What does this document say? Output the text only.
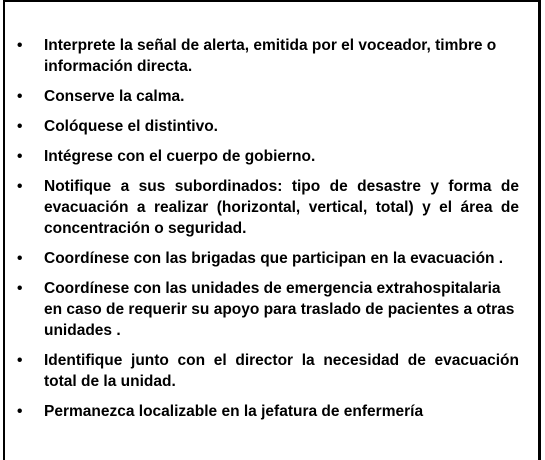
•	Interprete la señal de alerta, emitida por el voceador, timbre o información directa.
•	Conserve la calma.
•	Colóquese el distintivo.
•	Intégrese con el cuerpo de gobierno.
•	Notifique a sus subordinados: tipo de desastre y forma de evacuación a realizar (horizontal, vertical, total) y el área de concentración o seguridad.
•	Coordínese con las brigadas que participan en la evacuación .
•	Coordínese con las unidades de emergencia extrahospitalaria en caso de requerir su apoyo para traslado de pacientes a otras unidades .
•	Identifique junto con el director la necesidad de evacuación total de la unidad.
•	Permanezca localizable en la jefatura de enfermería
